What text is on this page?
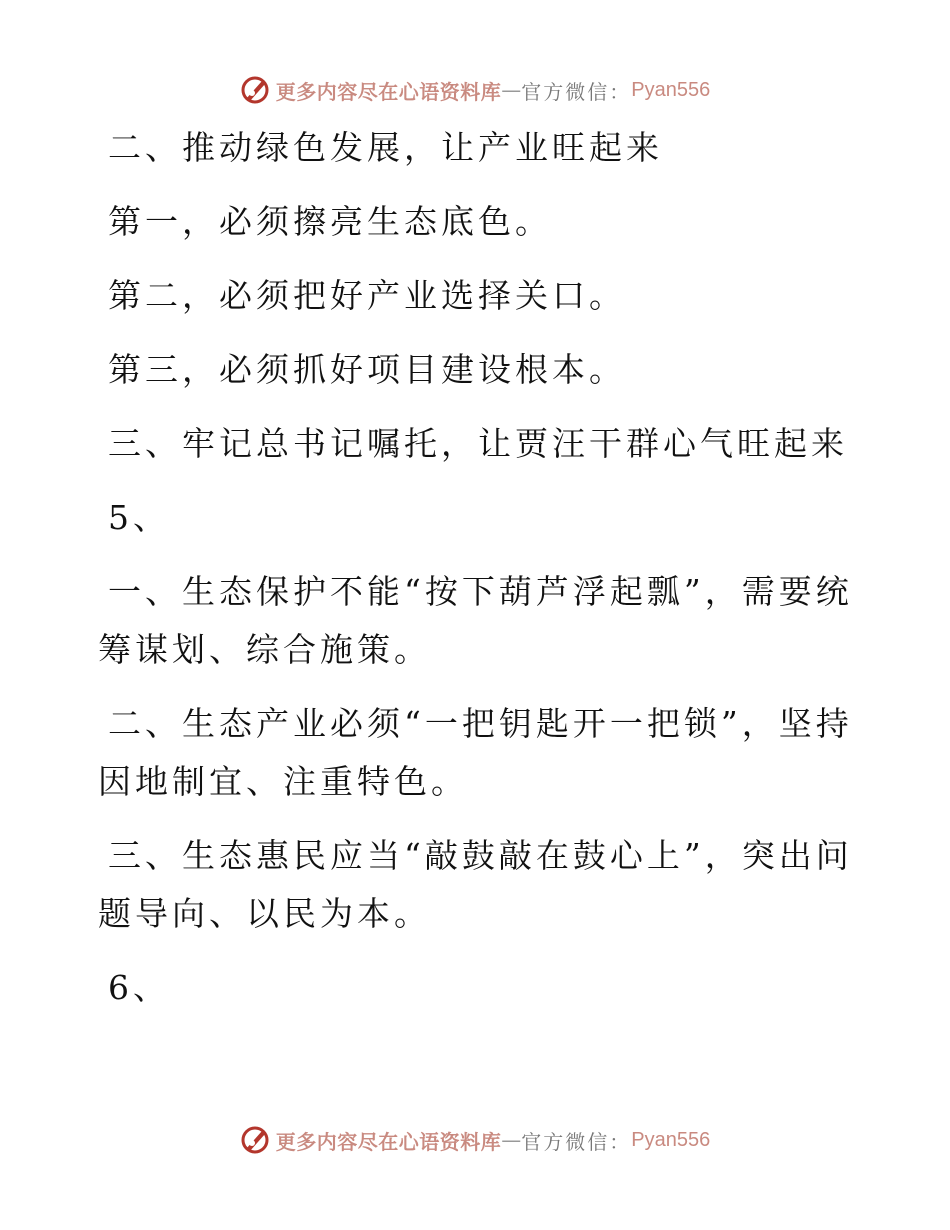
更多内容尽在心语资料库 — 官方微信： Pyan556
二、推动绿色发展，让产业旺起来
第一，必须擦亮生态底色。
第二，必须把好产业选择关口。
第三，必须抓好项目建设根本。
三、牢记总书记嘱托，让贾汪干群心气旺起来
5、
一、生态保护不能“按下葫芦浮起瓢”，需要统
筹谋划、综合施策。
二、生态产业必须“一把钥匙开一把锁”，坚持
因地制宜、注重特色。
三、生态惠民应当“敲鼓敲在鼓心上”，突出问
题导向、以民为本。
6、
更多内容尽在心语资料库 — 官方微信： Pyan556
